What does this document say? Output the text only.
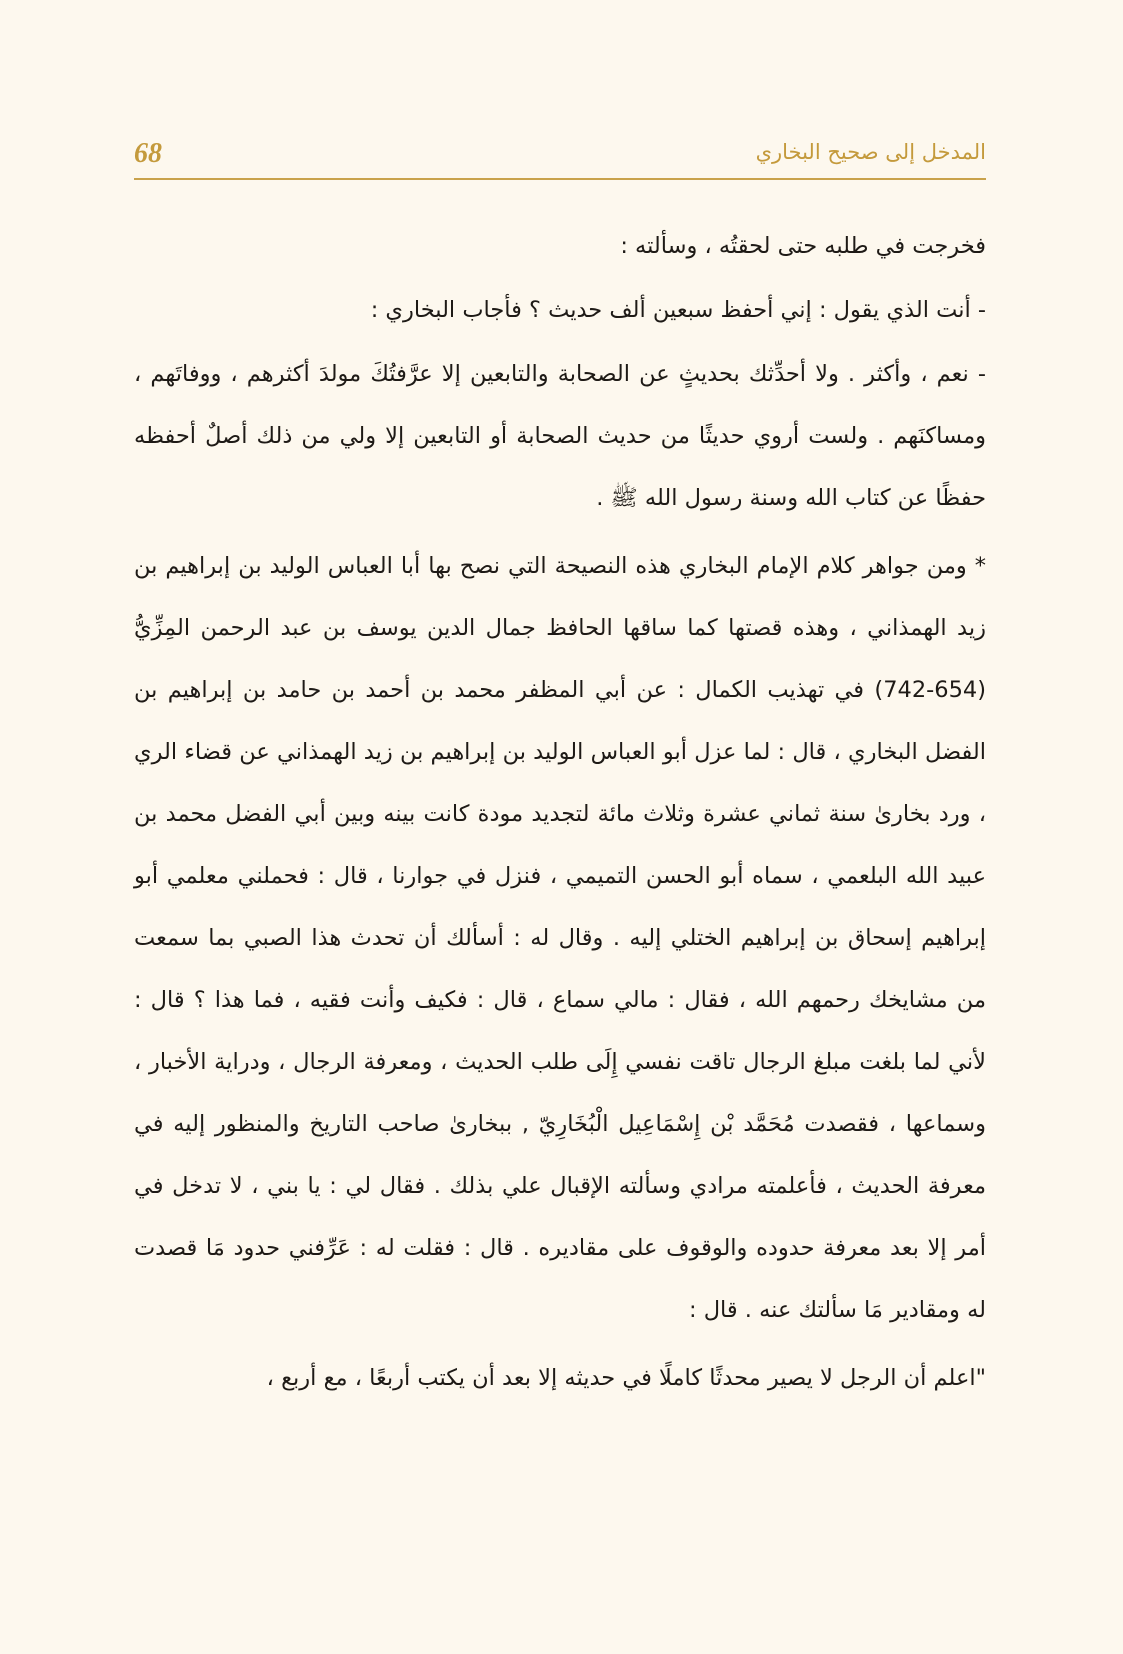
68	المدخل إلى صحيح البخاري

فخرجت في طلبه حتى لحقتُه ، وسألته :

- أنت الذي يقول : إني أحفظ سبعين ألف حديث ؟ فأجاب البخاري :

- نعم ، وأكثر . ولا أحدِّثك بحديثٍ عن الصحابة والتابعين إلا عرَّفتُكَ مولدَ أكثرهم ، ووفاتَهم ، ومساكنَهم . ولست أروي حديثًا من حديث الصحابة أو التابعين إلا ولي من ذلك أصلٌ أحفظه حفظًا عن كتاب الله وسنة رسول الله ﷺ .

* ومن جواهر كلام الإمام البخاري هذه النصيحة التي نصح بها أبا العباس الوليد بن إبراهيم بن زيد الهمذاني ، وهذه قصتها كما ساقها الحافظ جمال الدين يوسف بن عبد الرحمن المِزِّيُّ (654-742) في تهذيب الكمال : عن أبي المظفر محمد بن أحمد بن حامد بن إبراهيم بن الفضل البخاري ، قال : لما عزل أبو العباس الوليد بن إبراهيم بن زيد الهمذاني عن قضاء الري ، ورد بخارىٰ سنة ثماني عشرة وثلاث مائة لتجديد مودة كانت بينه وبين أبي الفضل محمد بن عبيد الله البلعمي ، سماه أبو الحسن التميمي ، فنزل في جوارنا ، قال : فحملني معلمي أبو إبراهيم إسحاق بن إبراهيم الختلي إليه . وقال له : أسألك أن تحدث هذا الصبي بما سمعت من مشايخك رحمهم الله ، فقال : مالي سماع ، قال : فكيف وأنت فقيه ، فما هذا ؟ قال : لأني لما بلغت مبلغ الرجال تاقت نفسي إِلَى طلب الحديث ، ومعرفة الرجال ، ودراية الأخبار ، وسماعها ، فقصدت مُحَمَّد بْن إِسْمَاعِيل الْبُخَارِيّ , ببخارىٰ صاحب التاريخ والمنظور إليه في معرفة الحديث ، فأعلمته مرادي وسألته الإقبال علي بذلك . فقال لي : يا بني ، لا تدخل في أمر إلا بعد معرفة حدوده والوقوف على مقاديره . قال : فقلت له : عَرِّفني حدود مَا قصدت له ومقادير مَا سألتك عنه . قال :

"اعلم أن الرجل لا يصير محدثًا كاملًا في حديثه إلا بعد أن يكتب أربعًا ، مع أربع ،
